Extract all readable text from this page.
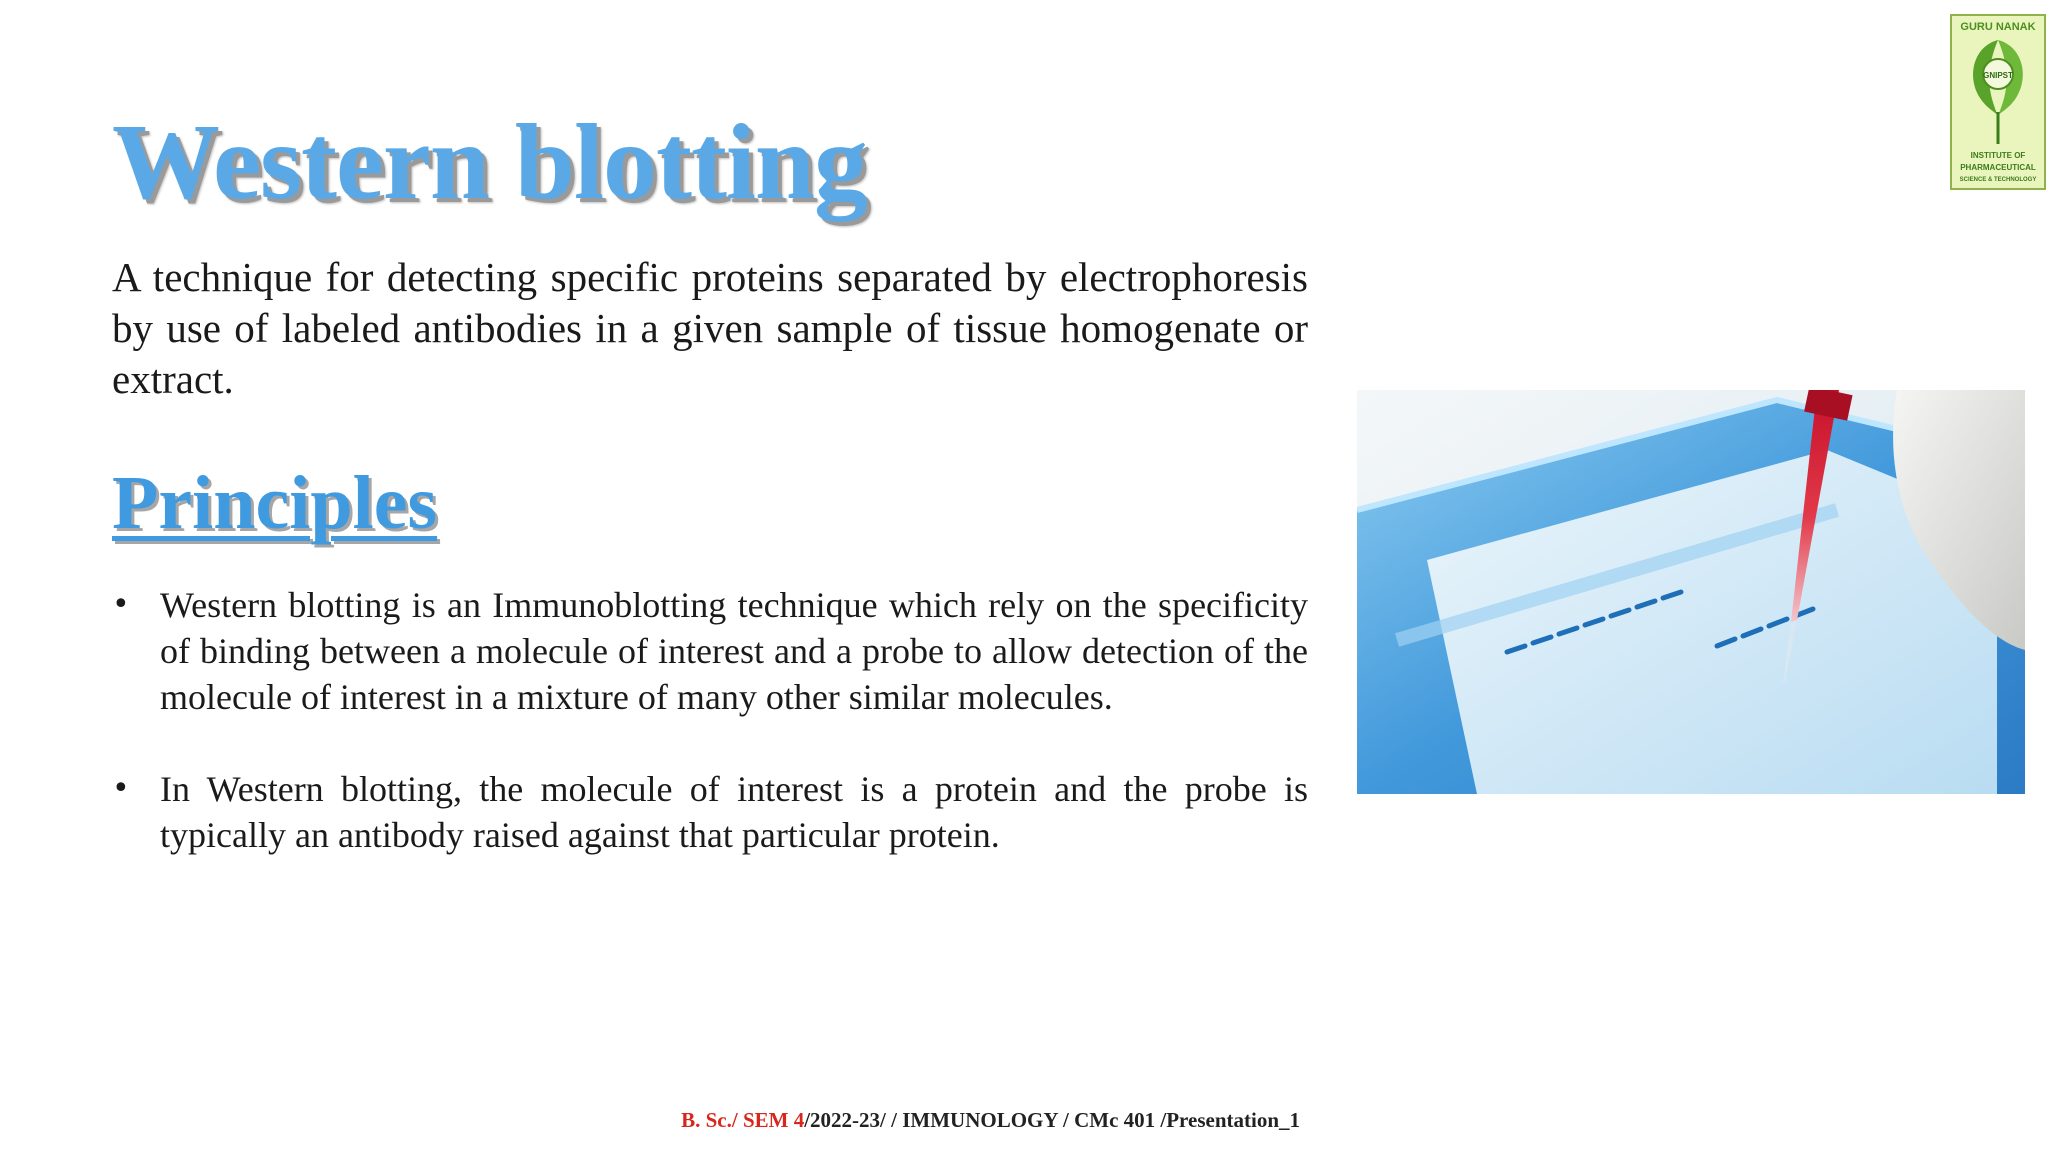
Western blotting

A technique for detecting specific proteins separated by electrophoresis by use of labeled antibodies in a given sample of tissue homogenate or extract.

Principles
• Western blotting is an Immunoblotting technique which rely on the specificity of binding between a molecule of interest and a probe to allow detection of the molecule of interest in a mixture of many other similar molecules.
• In Western blotting, the molecule of interest is a protein and the probe is typically an antibody raised against that particular protein.
GURU NANAK
GNIPST
INSTITUTE OF
PHARMACEUTICAL
SCIENCE & TECHNOLOGY
B. Sc./ SEM 4/2022-23/ / IMMUNOLOGY / CMc 401 /Presentation_1
